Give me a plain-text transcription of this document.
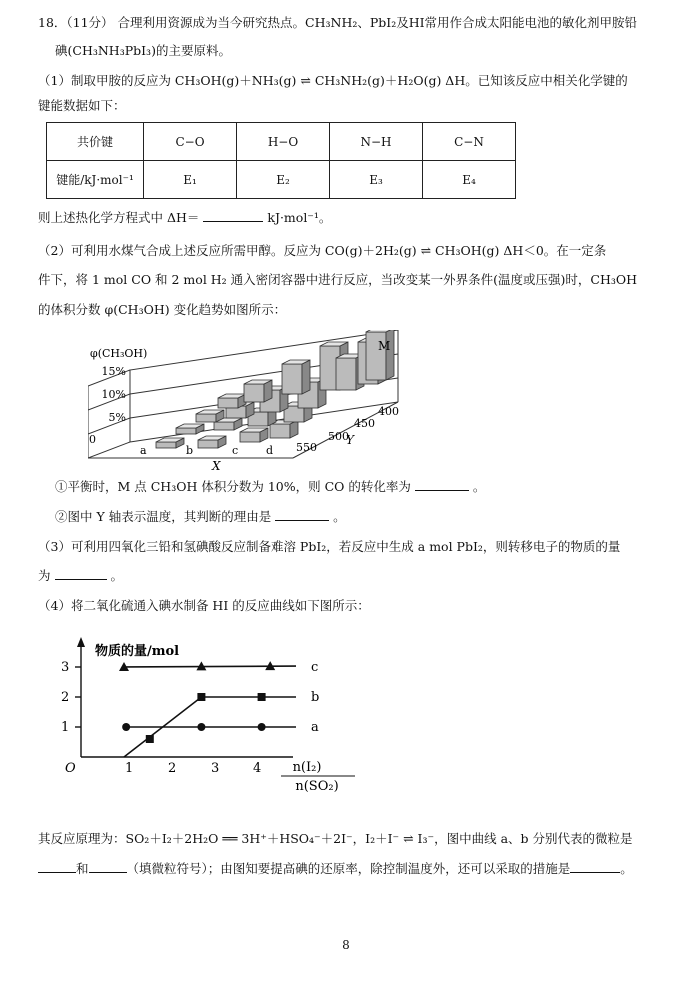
18．（11分） 合理利用资源成为当今研究热点。CH₃NH₂、PbI₂及HI常用作合成太阳能电池的敏化剂甲胺铅
碘(CH₃NH₃PbI₃)的主要原料。
（1）制取甲胺的反应为 CH₃OH(g)＋NH₃(g) ⇌ CH₃NH₂(g)＋H₂O(g) ΔH。已知该反应中相关化学键的
键能数据如下：
共价键	C−O	H−O	N−H	C−N
键能/kJ·mol⁻¹	E₁	E₂	E₃	E₄
则上述热化学方程式中 ΔH＝	kJ·mol⁻¹。
（2）可利用水煤气合成上述反应所需甲醇。反应为 CO(g)＋2H₂(g) ⇌ CH₃OH(g) ΔH＜0。在一定条
件下，将 1 mol CO 和 2 mol H₂ 通入密闭容器中进行反应，当改变某一外界条件(温度或压强)时，CH₃OH
的体积分数 φ(CH₃OH) 变化趋势如图所示：
φ(CH₃OH)
15%
10%
5%
0
a	b	c	d
X
550
500
450
400
Y
M
①平衡时，M 点 CH₃OH 体积分数为 10%，则 CO 的转化率为	。
②图中 Y 轴表示温度，其判断的理由是	。
（3）可利用四氧化三铅和氢碘酸反应制备难溶 PbI₂，若反应中生成 a mol PbI₂，则转移电子的物质的量
为	。
（4）将二氧化硫通入碘水制备 HI 的反应曲线如下图所示：
物质的量/mol
3
2
1
O	1	2	3	4 n(I₂)
n(SO₂)
c
b
a
其反应原理为：SO₂＋I₂＋2H₂O ══ 3H⁺＋HSO₄⁻＋2I⁻，I₂＋I⁻ ⇌ I₃⁻，图中曲线 a、b 分别代表的微粒是
和	（填微粒符号）；由图知要提高碘的还原率，除控制温度外，还可以采取的措施是	。
8
